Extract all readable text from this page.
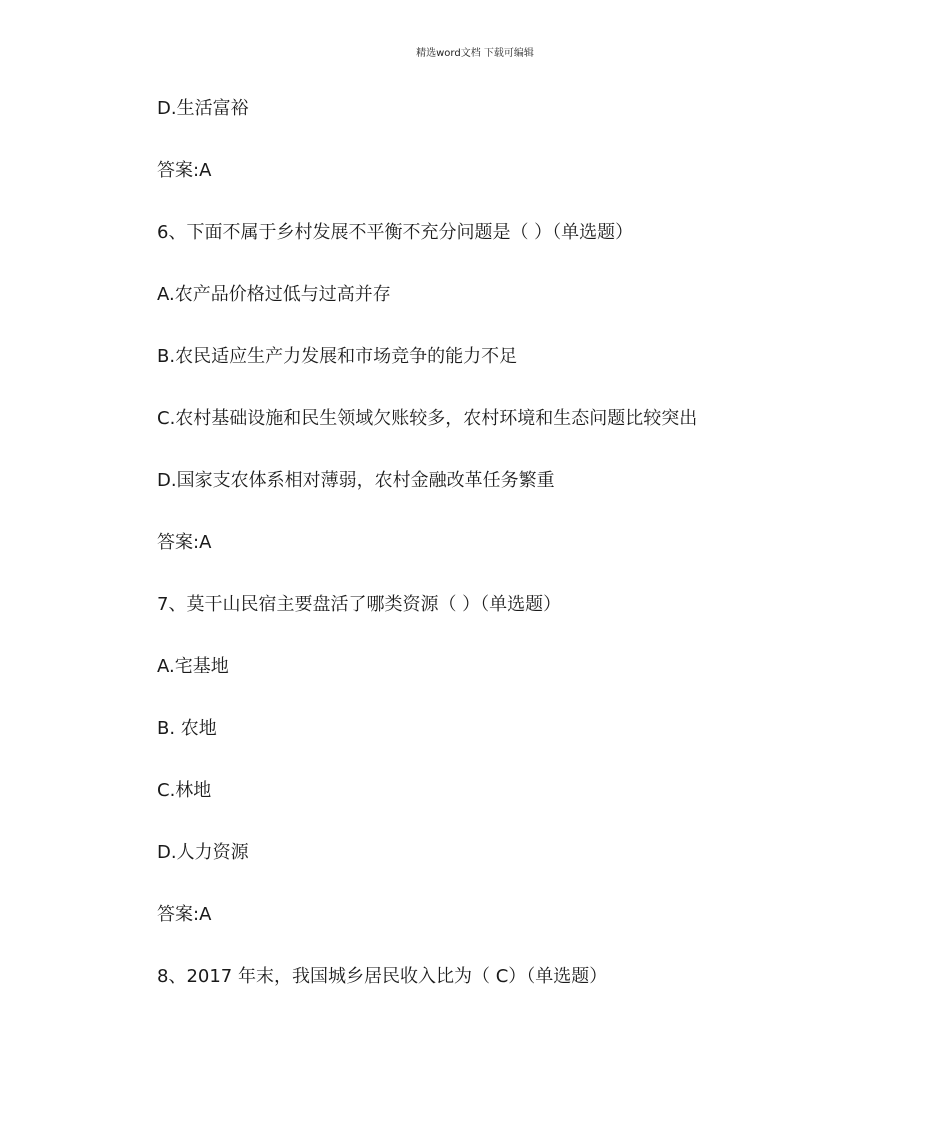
精选word文档 下载可编辑
D.生活富裕
答案:A
6、下面不属于乡村发展不平衡不充分问题是（ ）（单选题）
A.农产品价格过低与过高并存
B.农民适应生产力发展和市场竞争的能力不足
C.农村基础设施和民生领域欠账较多，农村环境和生态问题比较突出
D.国家支农体系相对薄弱，农村金融改革任务繁重
答案:A
7、莫干山民宿主要盘活了哪类资源（ ）（单选题）
A.宅基地
B. 农地
C.林地
D.人力资源
答案:A
8、2017 年末，我国城乡居民收入比为（ C）（单选题）
